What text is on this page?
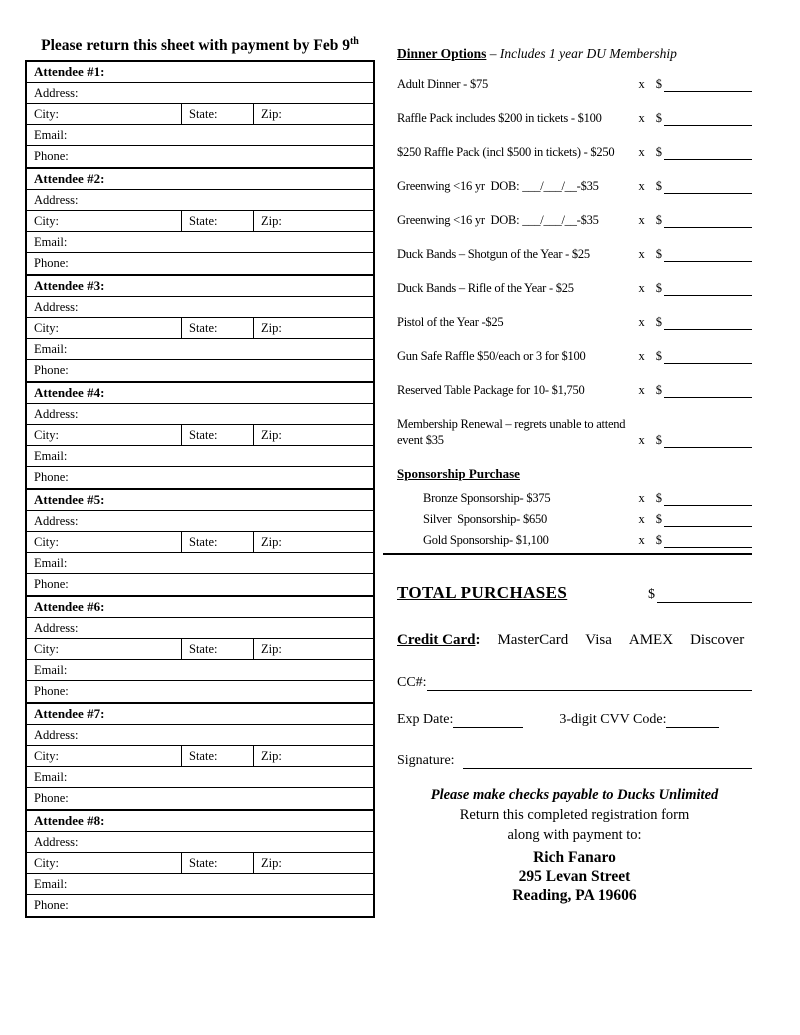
Please return this sheet with payment by Feb 9th
Attendee #1:
Address:
City:	State:	Zip:
Email:
Phone:
Attendee #2:
Address:
City:	State:	Zip:
Email:
Phone:
Attendee #3:
Address:
City:	State:	Zip:
Email:
Phone:
Attendee #4:
Address:
City:	State:	Zip:
Email:
Phone:
Attendee #5:
Address:
City:	State:	Zip:
Email:
Phone:
Attendee #6:
Address:
City:	State:	Zip:
Email:
Phone:
Attendee #7:
Address:
City:	State:	Zip:
Email:
Phone:
Attendee #8:
Address:
City:	State:	Zip:
Email:
Phone:
Dinner Options – Includes 1 year DU Membership
Adult Dinner - $75	x $
Raffle Pack includes $200 in tickets - $100	x $
$250 Raffle Pack (incl $500 in tickets) - $250	x $
Greenwing <16 yr  DOB: ___/___/__-$35	x $
Greenwing <16 yr  DOB: ___/___/__-$35	x $
Duck Bands – Shotgun of the Year - $25	x $
Duck Bands – Rifle of the Year - $25	x $
Pistol of the Year -$25	x $
Gun Safe Raffle $50/each or 3 for $100	x $
Reserved Table Package for 10- $1,750	x $
Membership Renewal – regrets unable to attend event $35	x $
Sponsorship Purchase
Bronze Sponsorship- $375	x $
Silver  Sponsorship- $650	x $
Gold Sponsorship- $1,100	x $
TOTAL PURCHASES	$
Credit Card: MasterCard Visa AMEX Discover
CC#:
Exp Date:	3-digit CVV Code:
Signature:
Please make checks payable to Ducks Unlimited
Return this completed registration form
along with payment to:
Rich Fanaro
295 Levan Street
Reading, PA 19606
